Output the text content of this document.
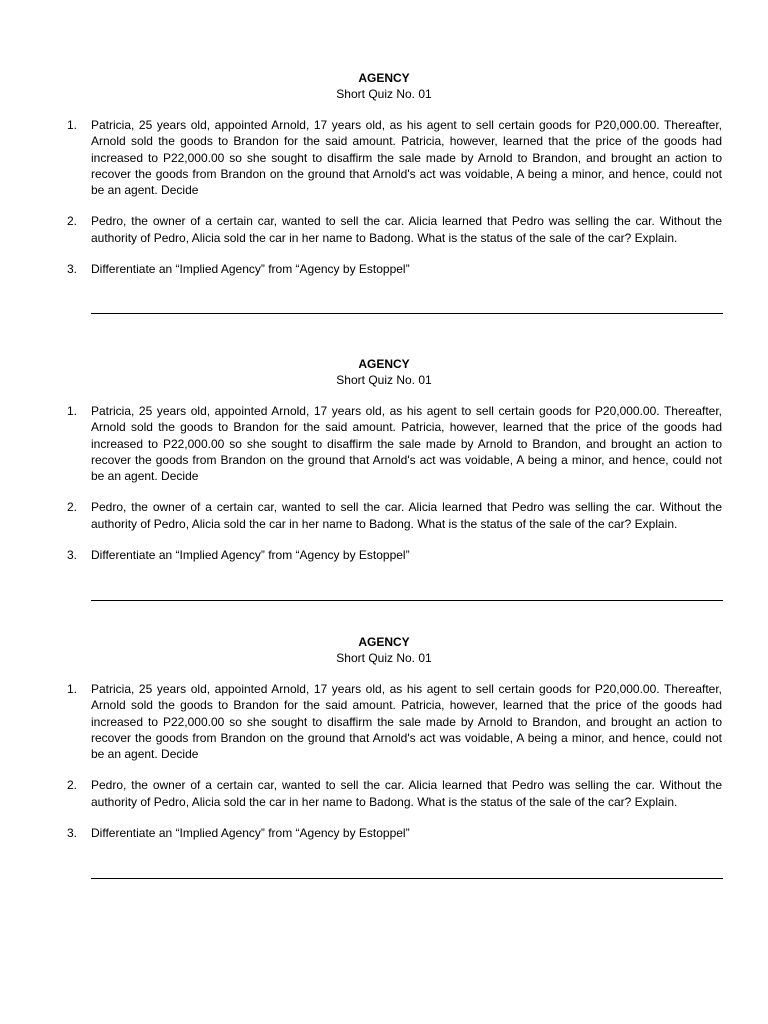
AGENCY

Short Quiz No. 01

1. Patricia, 25 years old, appointed Arnold, 17 years old, as his agent to sell certain goods for P20,000.00. Thereafter, Arnold sold the goods to Brandon for the said amount. Patricia, however, learned that the price of the goods had increased to P22,000.00 so she sought to disaffirm the sale made by Arnold to Brandon, and brought an action to recover the goods from Brandon on the ground that Arnold's act was voidable, A being a minor, and hence, could not be an agent. Decide

2. Pedro, the owner of a certain car, wanted to sell the car. Alicia learned that Pedro was selling the car. Without the authority of Pedro, Alicia sold the car in her name to Badong. What is the status of the sale of the car? Explain.

3. Differentiate an “Implied Agency” from “Agency by Estoppel”

AGENCY

Short Quiz No. 01

1. Patricia, 25 years old, appointed Arnold, 17 years old, as his agent to sell certain goods for P20,000.00. Thereafter, Arnold sold the goods to Brandon for the said amount. Patricia, however, learned that the price of the goods had increased to P22,000.00 so she sought to disaffirm the sale made by Arnold to Brandon, and brought an action to recover the goods from Brandon on the ground that Arnold's act was voidable, A being a minor, and hence, could not be an agent. Decide

2. Pedro, the owner of a certain car, wanted to sell the car. Alicia learned that Pedro was selling the car. Without the authority of Pedro, Alicia sold the car in her name to Badong. What is the status of the sale of the car? Explain.

3. Differentiate an “Implied Agency” from “Agency by Estoppel”

AGENCY

Short Quiz No. 01

1. Patricia, 25 years old, appointed Arnold, 17 years old, as his agent to sell certain goods for P20,000.00. Thereafter, Arnold sold the goods to Brandon for the said amount. Patricia, however, learned that the price of the goods had increased to P22,000.00 so she sought to disaffirm the sale made by Arnold to Brandon, and brought an action to recover the goods from Brandon on the ground that Arnold's act was voidable, A being a minor, and hence, could not be an agent. Decide

2. Pedro, the owner of a certain car, wanted to sell the car. Alicia learned that Pedro was selling the car. Without the authority of Pedro, Alicia sold the car in her name to Badong. What is the status of the sale of the car? Explain.

3. Differentiate an “Implied Agency” from “Agency by Estoppel”
